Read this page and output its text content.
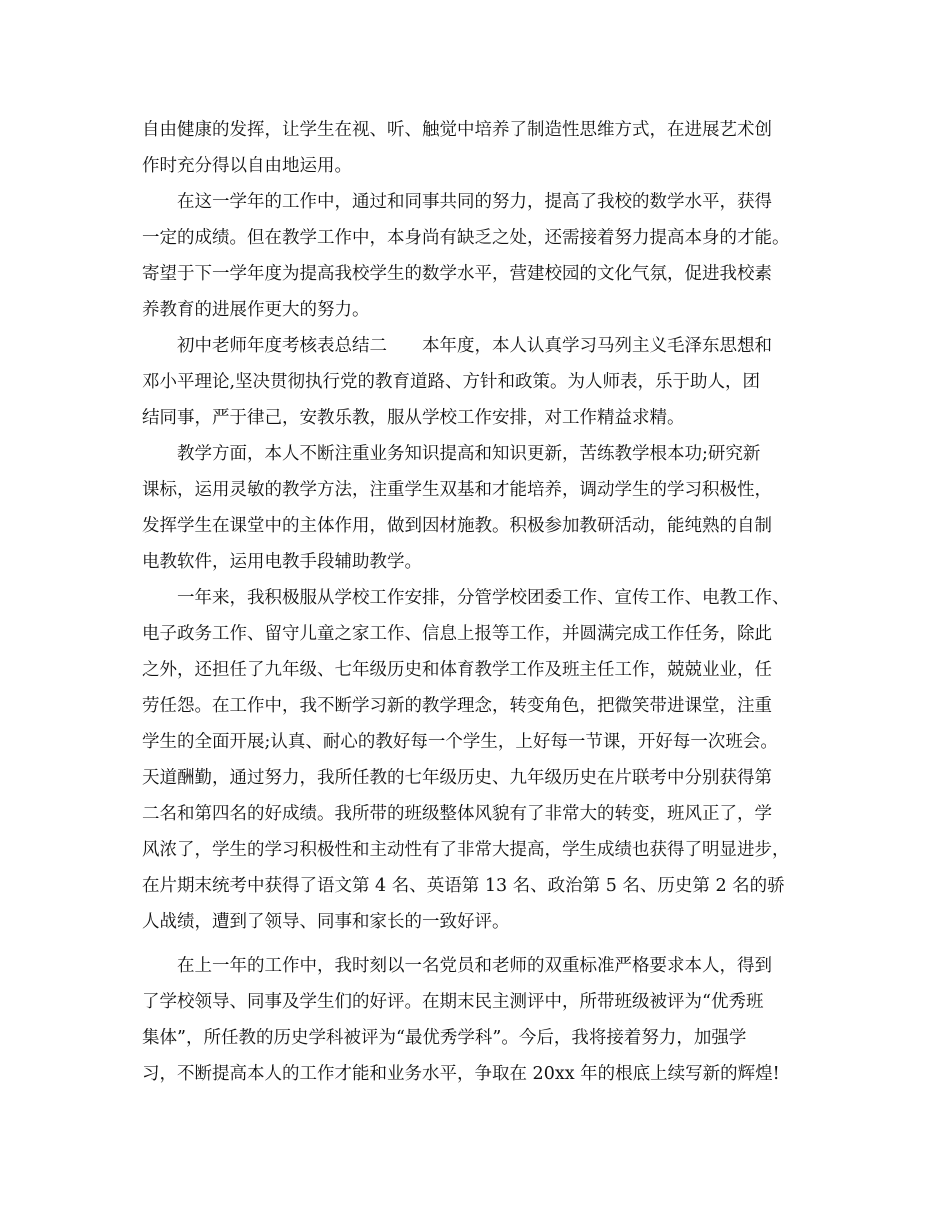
自由健康的发挥，让学生在视、听、触觉中培养了制造性思维方式，在进展艺术创
作时充分得以自由地运用。
在这一学年的工作中，通过和同事共同的努力，提高了我校的数学水平，获得
一定的成绩。但在教学工作中，本身尚有缺乏之处，还需接着努力提高本身的才能。
寄望于下一学年度为提高我校学生的数学水平，营建校园的文化气氛，促进我校素
养教育的进展作更大的努力。
初中老师年度考核表总结二　　本年度，本人认真学习马列主义毛泽东思想和
邓小平理论,坚决贯彻执行党的教育道路、方针和政策。为人师表，乐于助人，团
结同事，严于律己，安教乐教，服从学校工作安排，对工作精益求精。
教学方面，本人不断注重业务知识提高和知识更新，苦练教学根本功;研究新
课标，运用灵敏的教学方法，注重学生双基和才能培养，调动学生的学习积极性，
发挥学生在课堂中的主体作用，做到因材施教。积极参加教研活动，能纯熟的自制
电教软件，运用电教手段辅助教学。
一年来，我积极服从学校工作安排，分管学校团委工作、宣传工作、电教工作、
电子政务工作、留守儿童之家工作、信息上报等工作，并圆满完成工作任务，除此
之外，还担任了九年级、七年级历史和体育教学工作及班主任工作，兢兢业业，任
劳任怨。在工作中，我不断学习新的教学理念，转变角色，把微笑带进课堂，注重
学生的全面开展;认真、耐心的教好每一个学生，上好每一节课，开好每一次班会。
天道酬勤，通过努力，我所任教的七年级历史、九年级历史在片联考中分别获得第
二名和第四名的好成绩。我所带的班级整体风貌有了非常大的转变，班风正了，学
风浓了，学生的学习积极性和主动性有了非常大提高，学生成绩也获得了明显进步，
在片期末统考中获得了语文第 4 名、英语第 13 名、政治第 5 名、历史第 2 名的骄
人战绩，遭到了领导、同事和家长的一致好评。
在上一年的工作中，我时刻以一名党员和老师的双重标准严格要求本人，得到
了学校领导、同事及学生们的好评。在期末民主测评中，所带班级被评为“优秀班
集体”，所任教的历史学科被评为“最优秀学科”。今后，我将接着努力，加强学
习，不断提高本人的工作才能和业务水平，争取在 20xx 年的根底上续写新的辉煌!
